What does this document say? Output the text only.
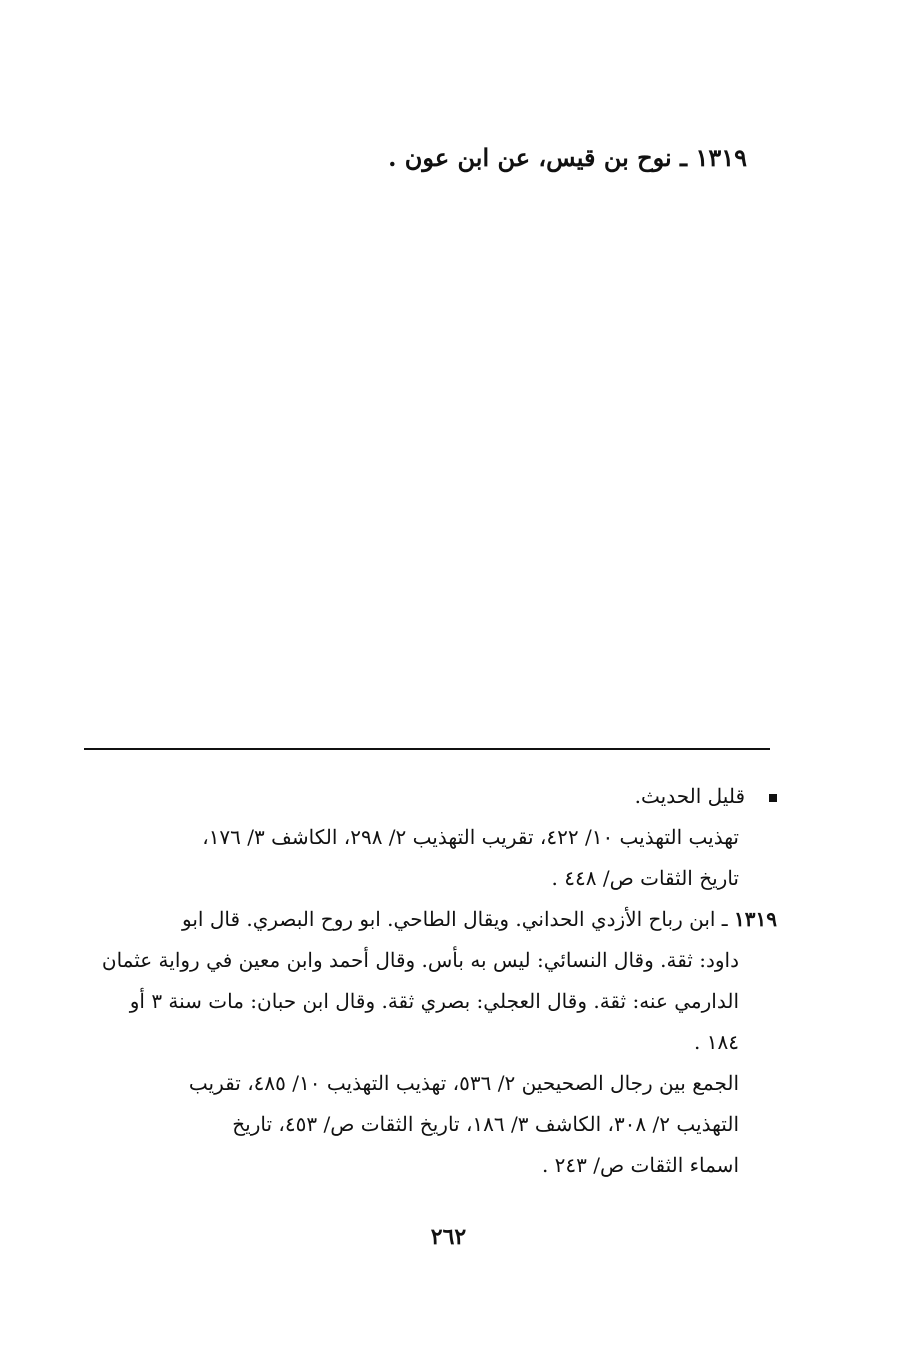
١٣١٩ ـ نوح بن قيس، عن ابن عون .
قليل الحديث.
تهذيب التهذيب ١٠/ ٤٢٢، تقريب التهذيب ٢/ ٢٩٨، الكاشف ٣/ ١٧٦،
تاريخ الثقات ص/ ٤٤٨ .
١٣١٩ ـ ابن رباح الأزدي الحداني. ويقال الطاحي. ابو روح البصري. قال ابو
داود: ثقة. وقال النسائي: ليس به بأس. وقال أحمد وابن معين في رواية عثمان
الدارمي عنه: ثقة. وقال العجلي: بصري ثقة. وقال ابن حبان: مات سنة ٣ أو
١٨٤ .
الجمع بين رجال الصحيحين ٢/ ٥٣٦، تهذيب التهذيب ١٠/ ٤٨٥، تقريب
التهذيب ٢/ ٣٠٨، الكاشف ٣/ ١٨٦، تاريخ الثقات ص/ ٤٥٣، تاريخ
اسماء الثقات ص/ ٢٤٣ .
٢٦٢
